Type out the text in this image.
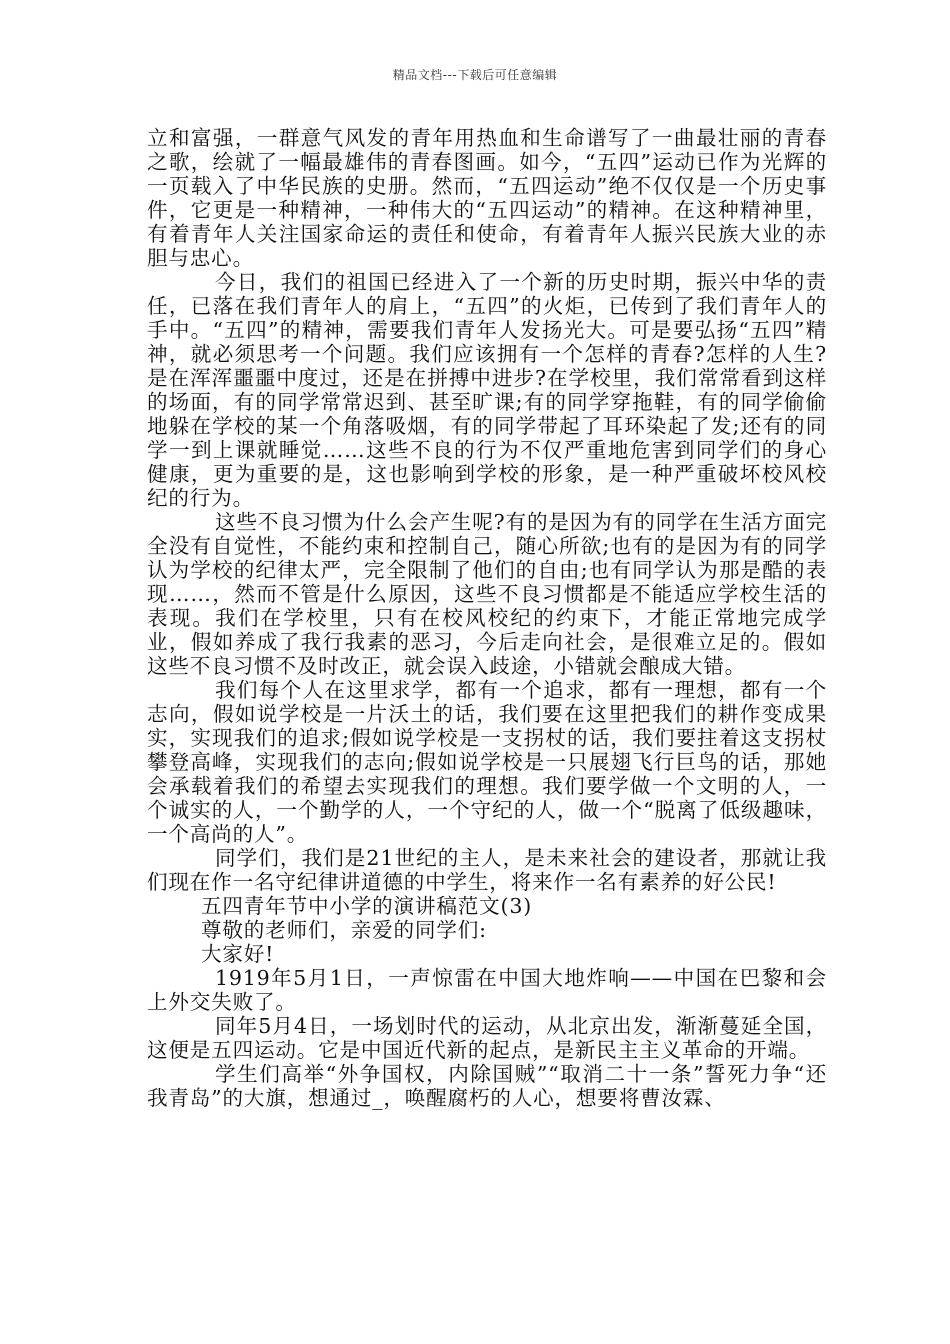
精品文档---下载后可任意编辑

立和富强，一群意气风发的青年用热血和生命谱写了一曲最壮丽的青春之歌，绘就了一幅最雄伟的青春图画。如今，“五四”运动已作为光辉的一页载入了中华民族的史册。然而，“五四运动”绝不仅仅是一个历史事件，它更是一种精神，一种伟大的“五四运动”的精神。在这种精神里，有着青年人关注国家命运的责任和使命，有着青年人振兴民族大业的赤胆与忠心。

今日，我们的祖国已经进入了一个新的历史时期，振兴中华的责任，已落在我们青年人的肩上，“五四”的火炬，已传到了我们青年人的手中。“五四”的精神，需要我们青年人发扬光大。可是要弘扬“五四”精神，就必须思考一个问题。我们应该拥有一个怎样的青春?怎样的人生?是在浑浑噩噩中度过，还是在拼搏中进步?在学校里，我们常常看到这样的场面，有的同学常常迟到、甚至旷课;有的同学穿拖鞋，有的同学偷偷地躲在学校的某一个角落吸烟，有的同学带起了耳环染起了发;还有的同学一到上课就睡觉……这些不良的行为不仅严重地危害到同学们的身心健康，更为重要的是，这也影响到学校的形象，是一种严重破坏校风校纪的行为。

这些不良习惯为什么会产生呢?有的是因为有的同学在生活方面完全没有自觉性，不能约束和控制自己，随心所欲;也有的是因为有的同学认为学校的纪律太严，完全限制了他们的自由;也有同学认为那是酷的表现……，然而不管是什么原因，这些不良习惯都是不能适应学校生活的表现。我们在学校里，只有在校风校纪的约束下，才能正常地完成学业，假如养成了我行我素的恶习，今后走向社会，是很难立足的。假如这些不良习惯不及时改正，就会误入歧途，小错就会酿成大错。

我们每个人在这里求学，都有一个追求，都有一理想，都有一个志向，假如说学校是一片沃土的话，我们要在这里把我们的耕作变成果实，实现我们的追求;假如说学校是一支拐杖的话，我们要拄着这支拐杖攀登高峰，实现我们的志向;假如说学校是一只展翅飞行巨鸟的话，那她会承载着我们的希望去实现我们的理想。我们要学做一个文明的人，一个诚实的人，一个勤学的人，一个守纪的人，做一个“脱离了低级趣味，一个高尚的人”。

同学们，我们是21世纪的主人，是未来社会的建设者，那就让我们现在作一名守纪律讲道德的中学生，将来作一名有素养的好公民!

五四青年节中小学的演讲稿范文(3)

尊敬的老师们，亲爱的同学们:

大家好!

1919年5月1日，一声惊雷在中国大地炸响——中国在巴黎和会上外交失败了。

同年5月4日，一场划时代的运动，从北京出发，渐渐蔓延全国，这便是五四运动。它是中国近代新的起点，是新民主主义革命的开端。

学生们高举“外争国权，内除国贼”“取消二十一条”誓死力争“还我青岛”的大旗，想通过_，唤醒腐朽的人心，想要将曹汝霖、
